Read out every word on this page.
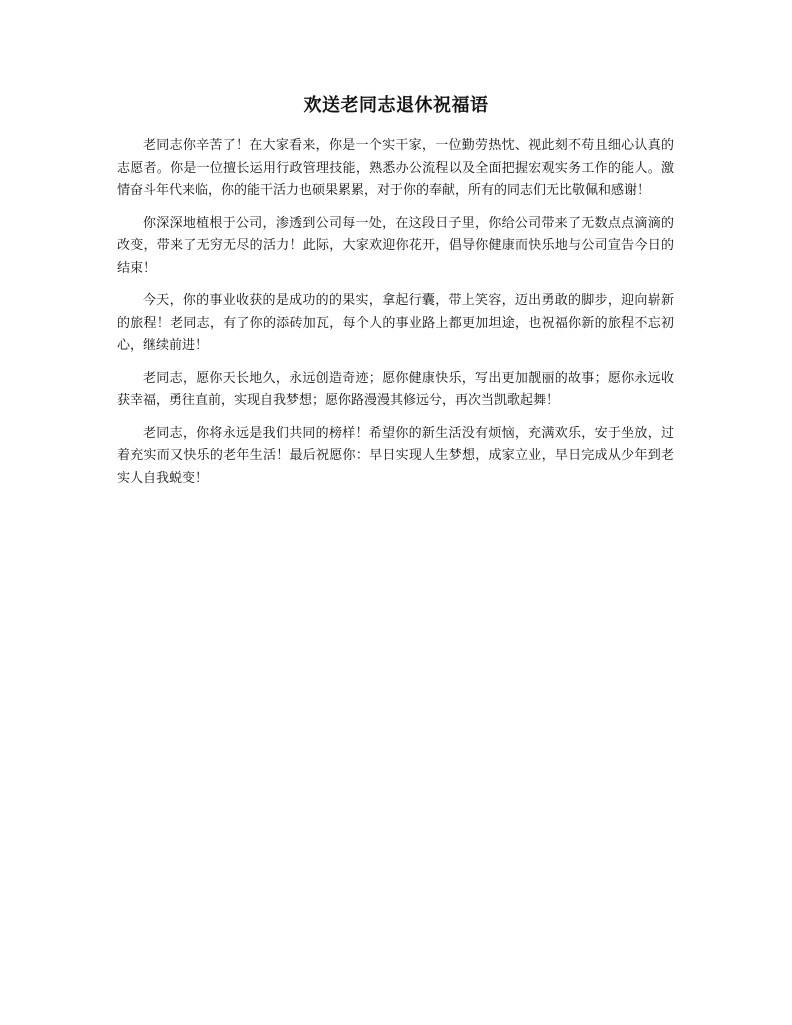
欢送老同志退休祝福语

老同志你辛苦了！在大家看来，你是一个实干家，一位勤劳热忱、视此刻不苟且细心认真的志愿者。你是一位擅长运用行政管理技能，熟悉办公流程以及全面把握宏观实务工作的能人。激情奋斗年代来临，你的能干活力也硕果累累，对于你的奉献，所有的同志们无比敬佩和感谢！

你深深地植根于公司，渗透到公司每一处，在这段日子里，你给公司带来了无数点点滴滴的改变，带来了无穷无尽的活力！此际，大家欢迎你花开，倡导你健康而快乐地与公司宣告今日的结束！

今天，你的事业收获的是成功的的果实，拿起行囊，带上笑容，迈出勇敢的脚步，迎向崭新的旅程！老同志，有了你的添砖加瓦，每个人的事业路上都更加坦途，也祝福你新的旅程不忘初心，继续前进！

老同志，愿你天长地久，永远创造奇迹；愿你健康快乐，写出更加靓丽的故事；愿你永远收获幸福，勇往直前，实现自我梦想；愿你路漫漫其修远兮，再次当凯歌起舞！

老同志，你将永远是我们共同的榜样！希望你的新生活没有烦恼，充满欢乐，安于坐放，过着充实而又快乐的老年生活！最后祝愿你：早日实现人生梦想，成家立业，早日完成从少年到老实人自我蜕变！
